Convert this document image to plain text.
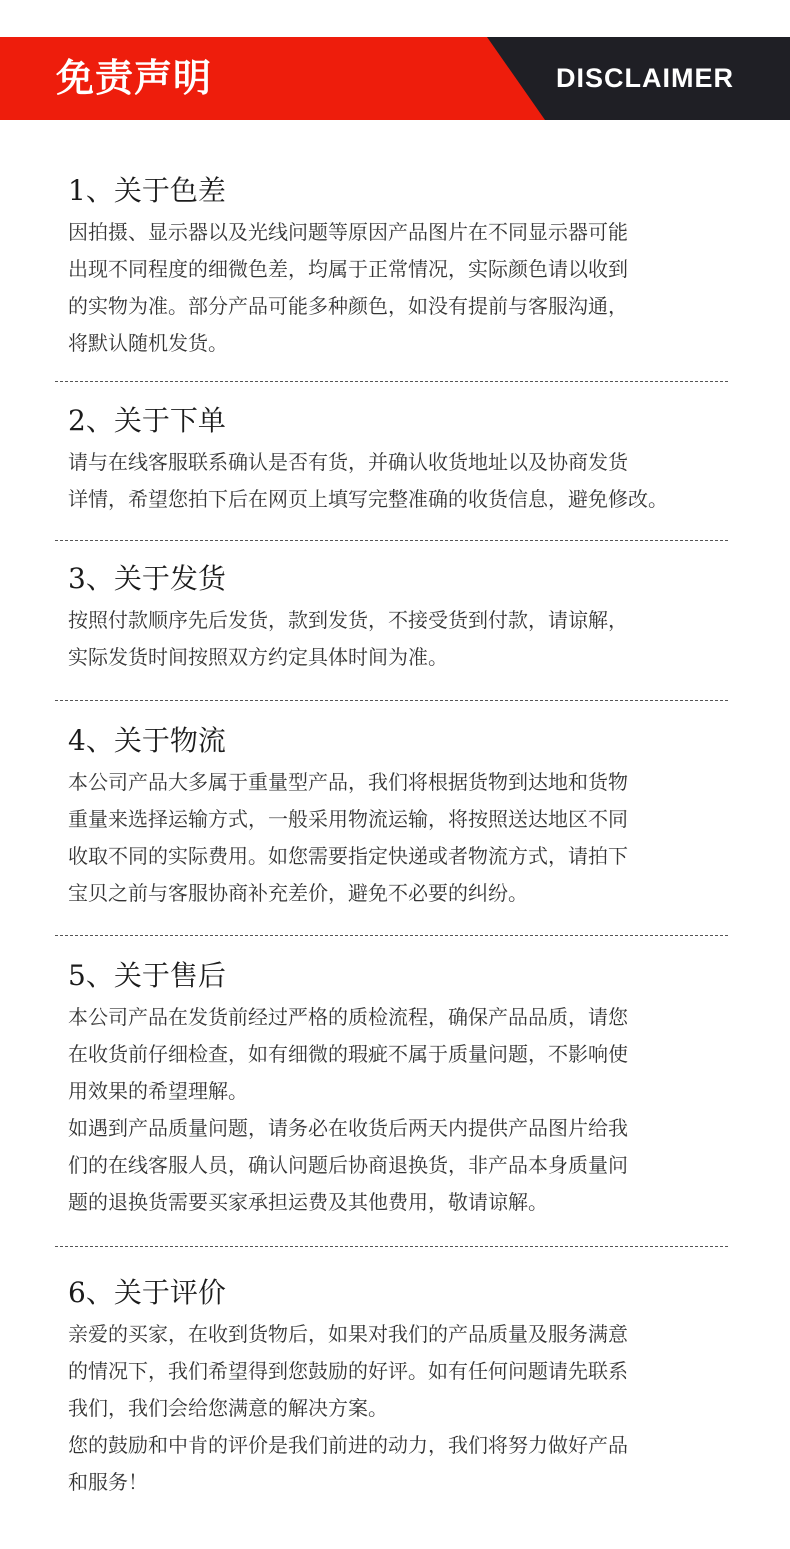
免责声明	DISCLAIMER
1、关于色差
因拍摄、显示器以及光线问题等原因产品图片在不同显示器可能
出现不同程度的细微色差，均属于正常情况，实际颜色请以收到
的实物为准。部分产品可能多种颜色，如没有提前与客服沟通，
将默认随机发货。
2、关于下单
请与在线客服联系确认是否有货，并确认收货地址以及协商发货
详情，希望您拍下后在网页上填写完整准确的收货信息，避免修改。
3、关于发货
按照付款顺序先后发货，款到发货，不接受货到付款，请谅解，
实际发货时间按照双方约定具体时间为准。
4、关于物流
本公司产品大多属于重量型产品，我们将根据货物到达地和货物
重量来选择运输方式，一般采用物流运输，将按照送达地区不同
收取不同的实际费用。如您需要指定快递或者物流方式，请拍下
宝贝之前与客服协商补充差价，避免不必要的纠纷。
5、关于售后
本公司产品在发货前经过严格的质检流程，确保产品品质，请您
在收货前仔细检查，如有细微的瑕疵不属于质量问题，不影响使
用效果的希望理解。
如遇到产品质量问题，请务必在收货后两天内提供产品图片给我
们的在线客服人员，确认问题后协商退换货，非产品本身质量问
题的退换货需要买家承担运费及其他费用，敬请谅解。
6、关于评价
亲爱的买家，在收到货物后，如果对我们的产品质量及服务满意
的情况下，我们希望得到您鼓励的好评。如有任何问题请先联系
我们，我们会给您满意的解决方案。
您的鼓励和中肯的评价是我们前进的动力，我们将努力做好产品
和服务！
